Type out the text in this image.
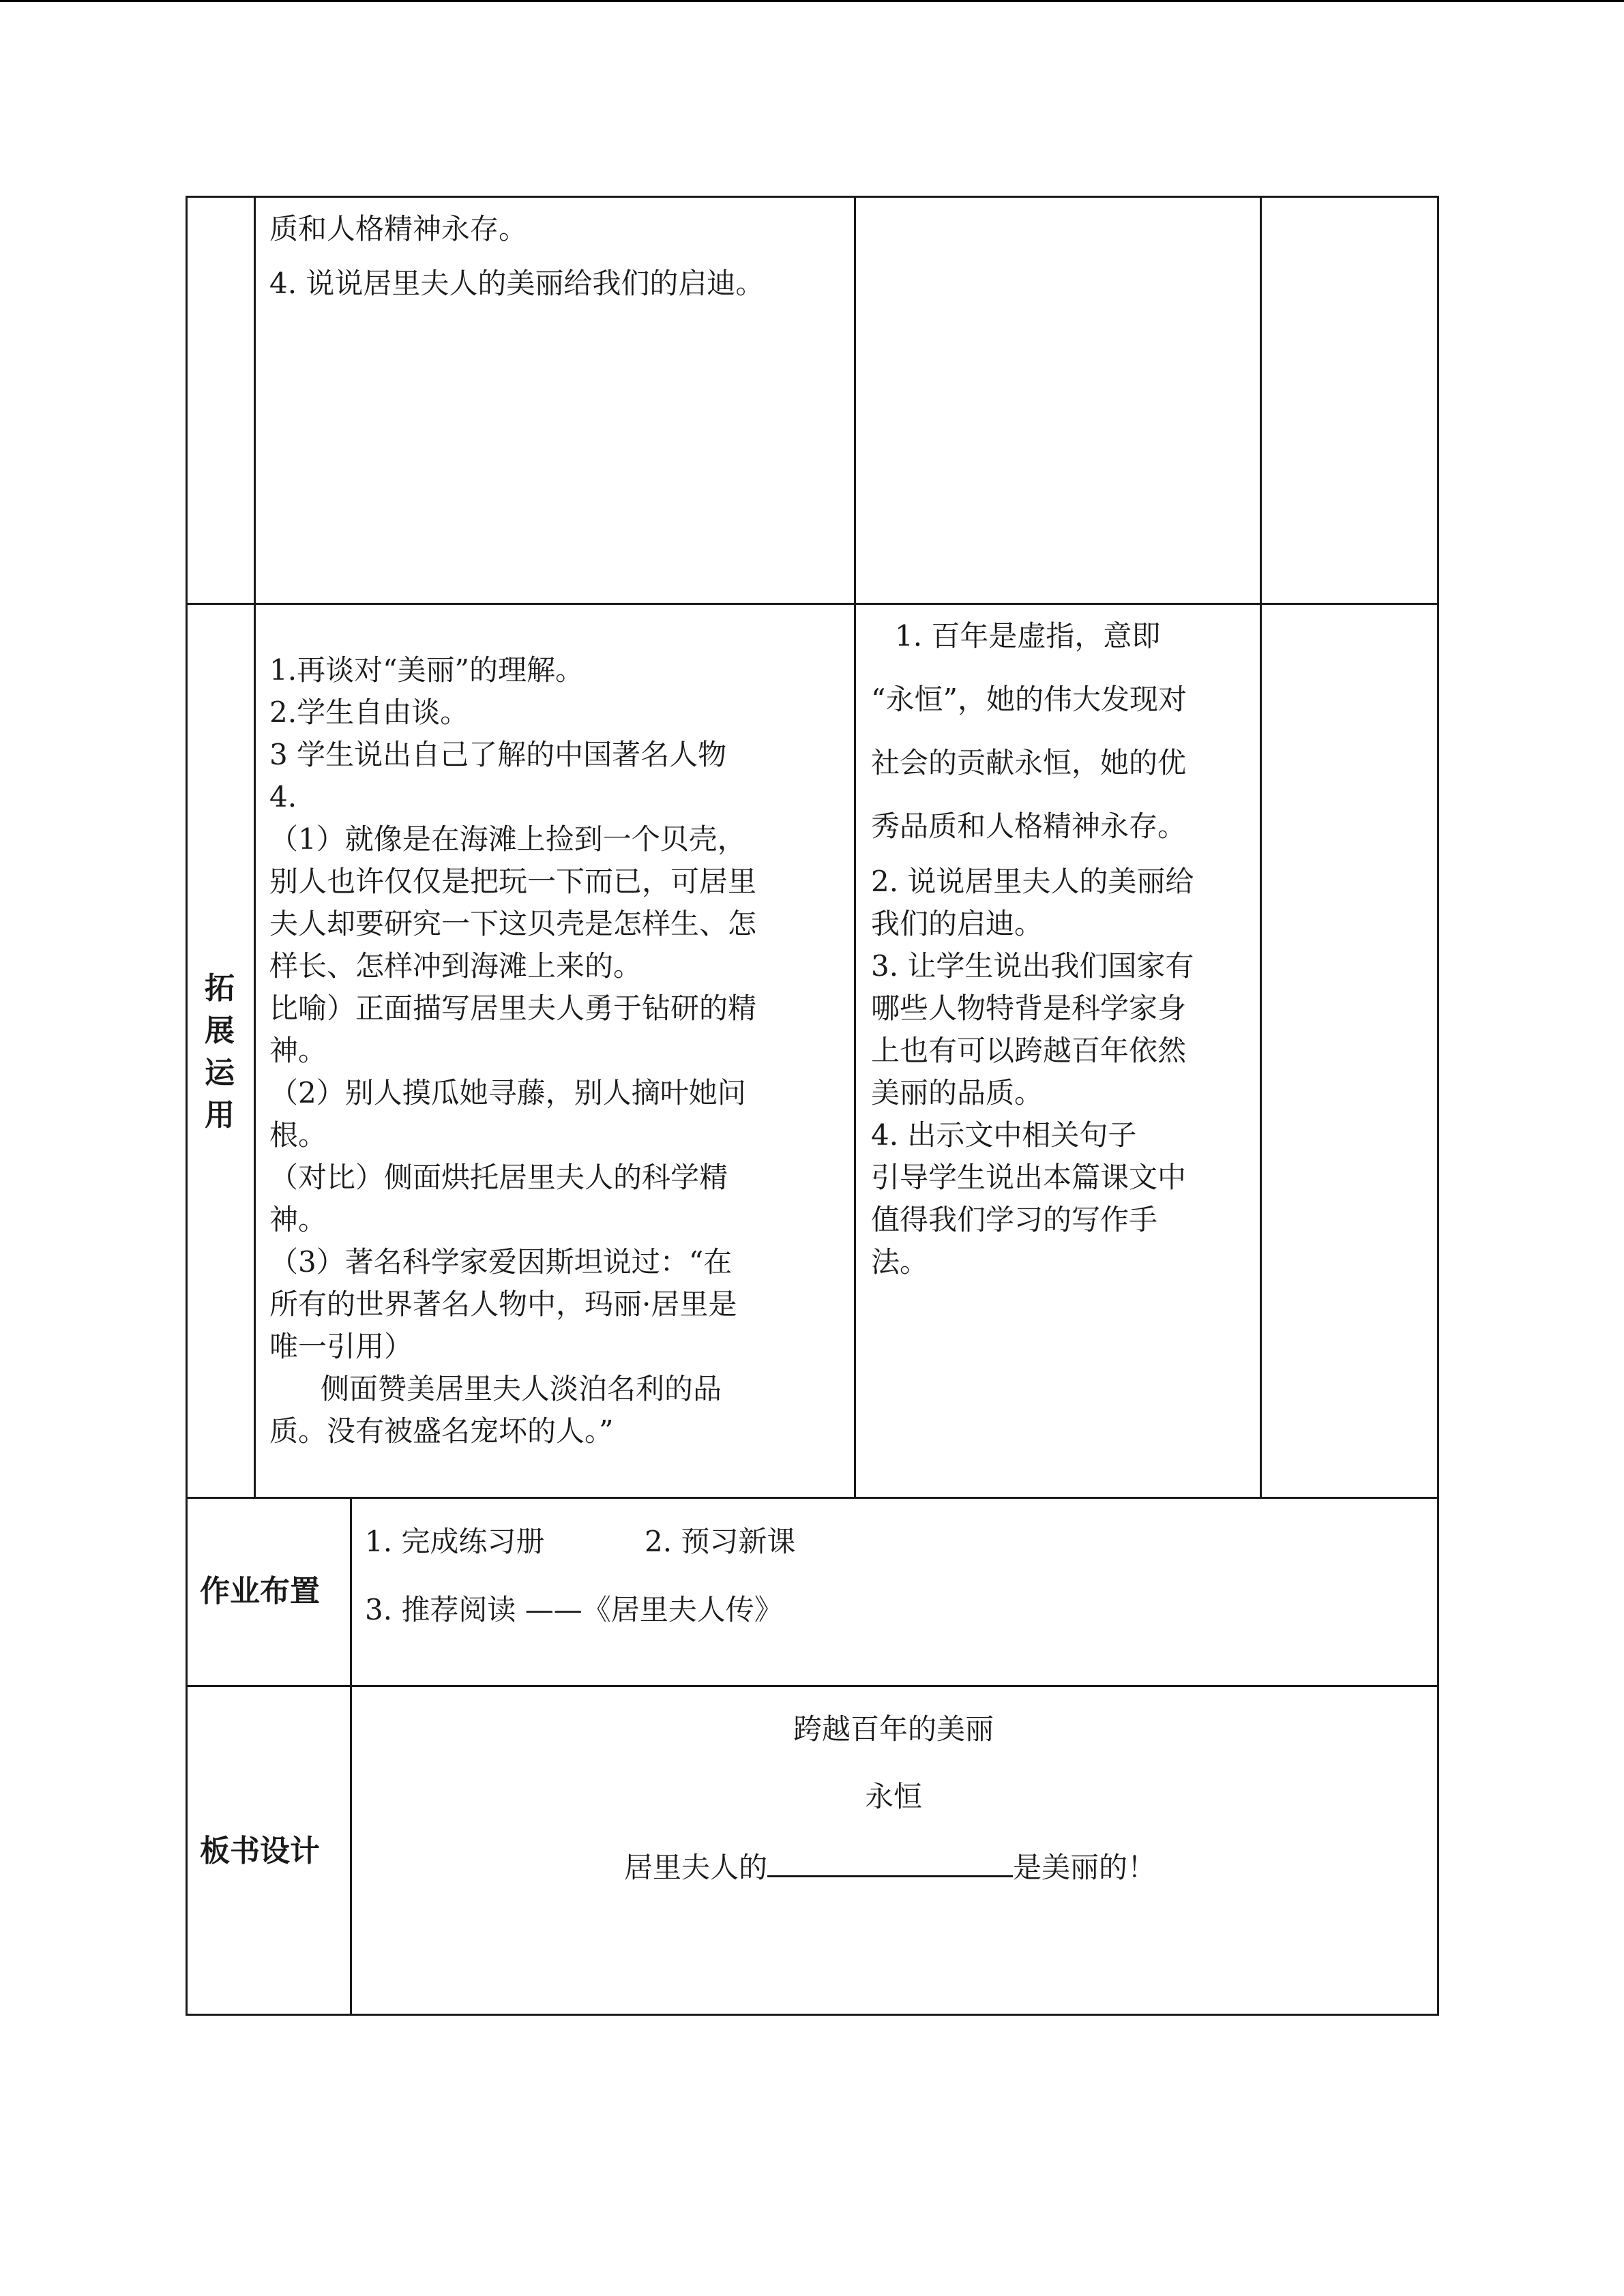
质和人格精神永存。
4. 说说居里夫人的美丽给我们的启迪。
拓
展
运
用
1.再谈对“美丽”的理解。
2.学生自由谈。
3 学生说出自己了解的中国著名人物
4.
（1）就像是在海滩上捡到一个贝壳，
别人也许仅仅是把玩一下而已，可居里
夫人却要研究一下这贝壳是怎样生、怎
样长、怎样冲到海滩上来的。
比喻）正面描写居里夫人勇于钻研的精
神。
（2）别人摸瓜她寻藤，别人摘叶她问
根。
（对比）侧面烘托居里夫人的科学精
神。
（3）著名科学家爱因斯坦说过：“在
所有的世界著名人物中，玛丽·居里是
唯一引用）
侧面赞美居里夫人淡泊名利的品
质。没有被盛名宠坏的人。”
1. 百年是虚指，意即
“永恒”，她的伟大发现对
社会的贡献永恒，她的优
秀品质和人格精神永存。
2. 说说居里夫人的美丽给
我们的启迪。
3. 让学生说出我们国家有
哪些人物特背是科学家身
上也有可以跨越百年依然
美丽的品质。
4. 出示文中相关句子
引导学生说出本篇课文中
值得我们学习的写作手
法。
作业布置
1. 完成练习册	2. 预习新课
3. 推荐阅读 ——《居里夫人传》
板书设计
跨越百年的美丽
永恒
居里夫人的	是美丽的！
